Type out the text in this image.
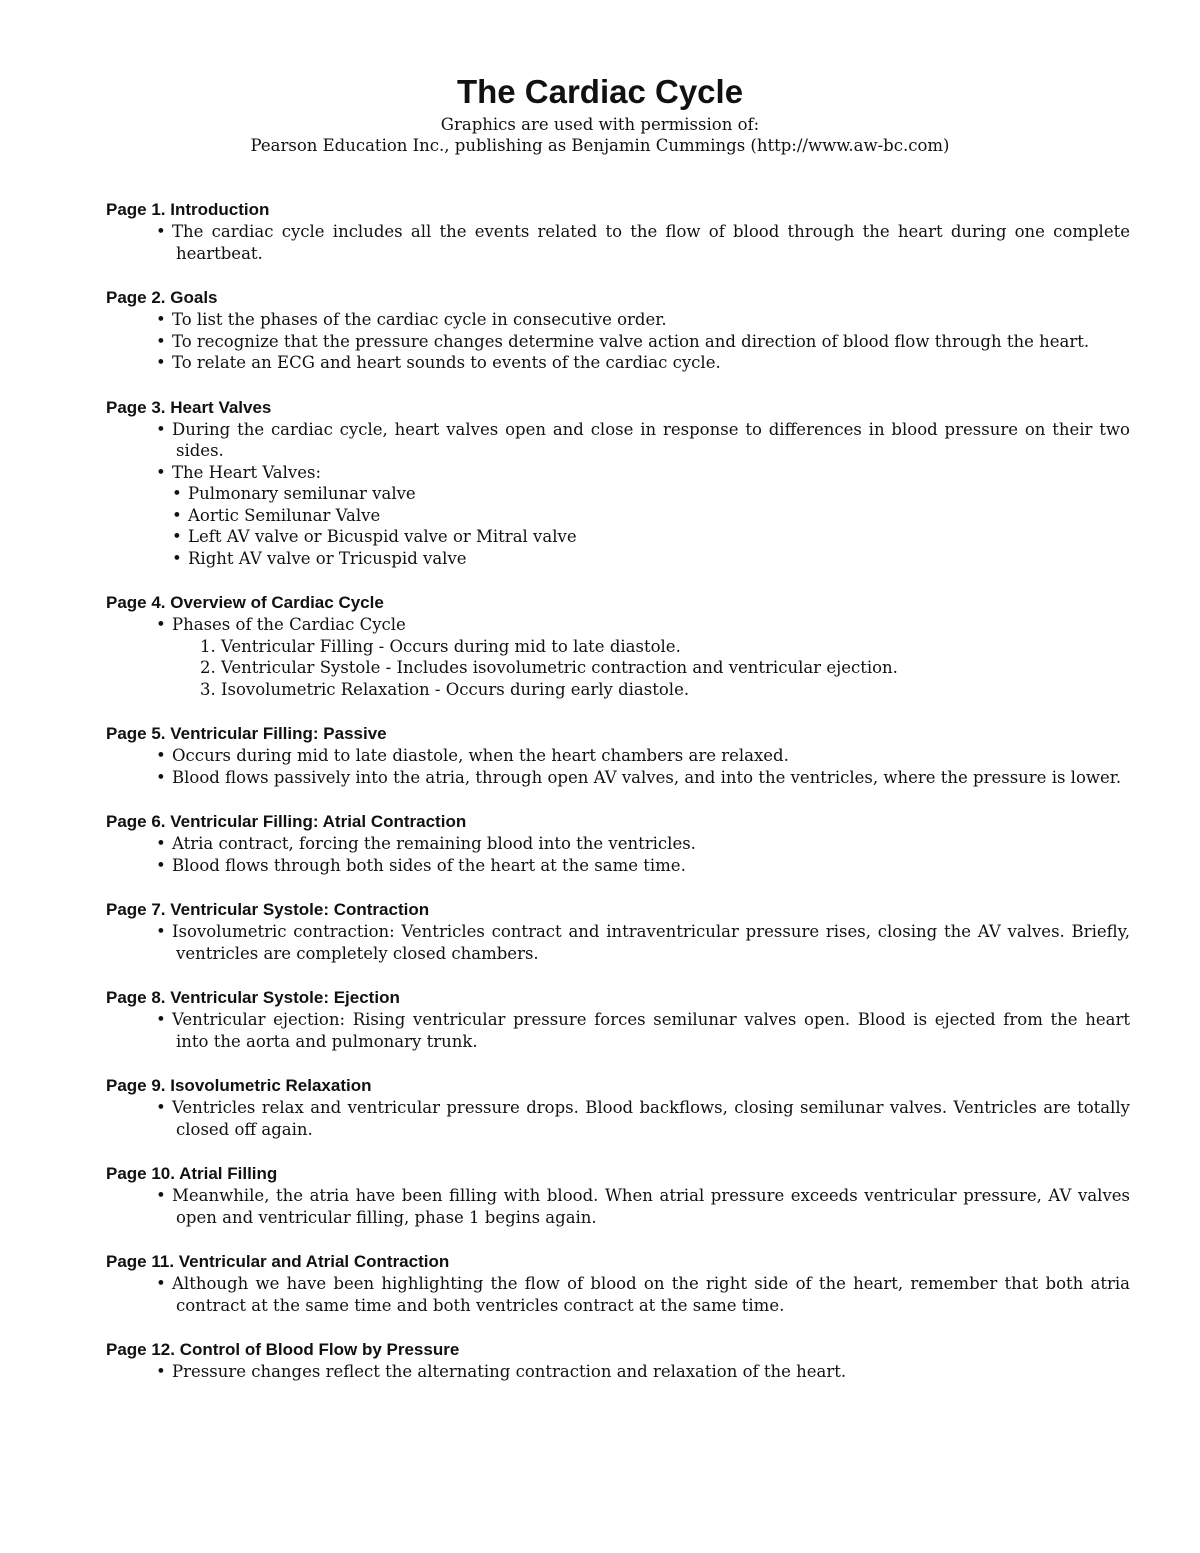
The Cardiac Cycle
Graphics are used with permission of:
Pearson Education Inc., publishing as Benjamin Cummings (http://www.aw-bc.com)
Page 1. Introduction
• The cardiac cycle includes all the events related to the flow of blood through the heart during one complete heartbeat.
Page 2. Goals
• To list the phases of the cardiac cycle in consecutive order.
• To recognize that the pressure changes determine valve action and direction of blood flow through the heart.
• To relate an ECG and heart sounds to events of the cardiac cycle.
Page 3. Heart Valves
• During the cardiac cycle, heart valves open and close in response to differences in blood pressure on their two sides.
• The Heart Valves:
• Pulmonary semilunar valve
• Aortic Semilunar Valve
• Left AV valve or Bicuspid valve or Mitral valve
• Right AV valve or Tricuspid valve
Page 4. Overview of Cardiac Cycle
• Phases of the Cardiac Cycle
1. Ventricular Filling - Occurs during mid to late diastole.
2. Ventricular Systole - Includes isovolumetric contraction and ventricular ejection.
3. Isovolumetric Relaxation - Occurs during early diastole.
Page 5. Ventricular Filling: Passive
• Occurs during mid to late diastole, when the heart chambers are relaxed.
• Blood flows passively into the atria, through open AV valves, and into the ventricles, where the pressure is lower.
Page 6. Ventricular Filling: Atrial Contraction
• Atria contract, forcing the remaining blood into the ventricles.
• Blood flows through both sides of the heart at the same time.
Page 7. Ventricular Systole: Contraction
• Isovolumetric contraction: Ventricles contract and intraventricular pressure rises, closing the AV valves. Briefly, ventricles are completely closed chambers.
Page 8. Ventricular Systole: Ejection
• Ventricular ejection: Rising ventricular pressure forces semilunar valves open. Blood is ejected from the heart into the aorta and pulmonary trunk.
Page 9. Isovolumetric Relaxation
• Ventricles relax and ventricular pressure drops. Blood backflows, closing semilunar valves. Ventricles are totally closed off again.
Page 10. Atrial Filling
• Meanwhile, the atria have been filling with blood. When atrial pressure exceeds ventricular pressure, AV valves open and ventricular filling, phase 1 begins again.
Page 11. Ventricular and Atrial Contraction
• Although we have been highlighting the flow of blood on the right side of the heart, remember that both atria contract at the same time and both ventricles contract at the same time.
Page 12. Control of Blood Flow by Pressure
• Pressure changes reflect the alternating contraction and relaxation of the heart.
